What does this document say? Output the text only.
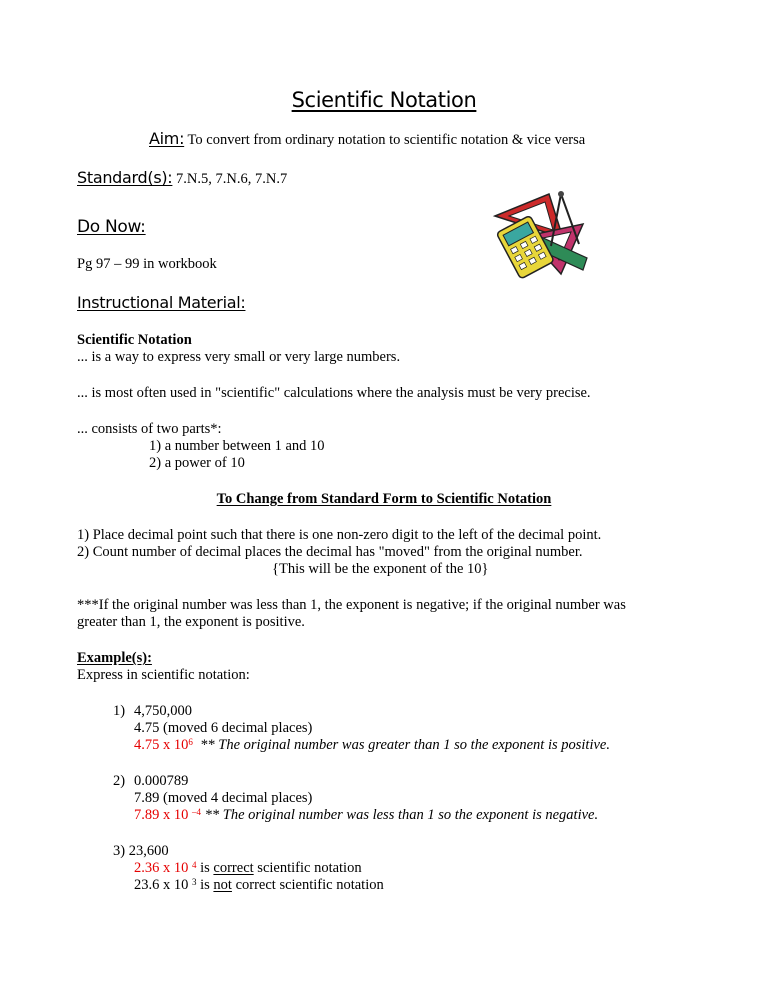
Scientific Notation
Aim: To convert from ordinary notation to scientific notation & vice versa
Standard(s): 7.N.5, 7.N.6, 7.N.7
Do Now:
Pg 97 – 99 in workbook
Instructional Material:
Scientific Notation
... is a way to express very small or very large numbers.
... is most often used in "scientific" calculations where the analysis must be very precise.
... consists of two parts*:
1) a number between 1 and 10
2) a power of 10
To Change from Standard Form to Scientific Notation
1) Place decimal point such that there is one non-zero digit to the left of the decimal point.
2) Count number of decimal places the decimal has "moved" from the original number.
{This will be the exponent of the 10}
***If the original number was less than 1, the exponent is negative; if the original number was
greater than 1, the exponent is positive.
Example(s):
Express in scientific notation:
1) 4,750,000
4.75 (moved 6 decimal places)
4.75 x $10^6$ ** The original number was greater than 1 so the exponent is positive.
2) 0.000789
7.89 (moved 4 decimal places)
7.89 x 10 $^{-4}$ ** The original number was less than 1 so the exponent is negative.
3) 23,600
2.36 x 10 $^4$ is correct scientific notation
23.6 x 10 $^3$ is not correct scientific notation
